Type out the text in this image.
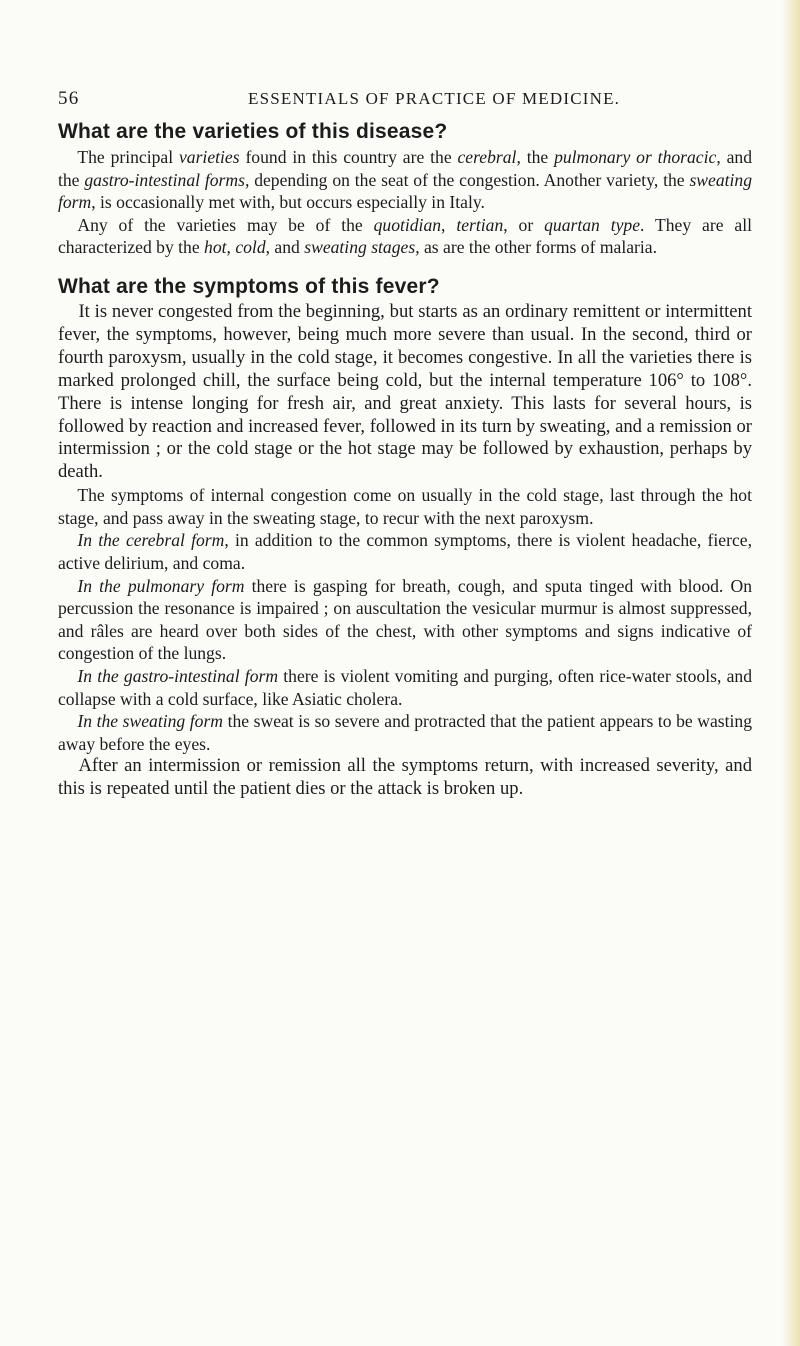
56	ESSENTIALS OF PRACTICE OF MEDICINE.
What are the varieties of this disease?

The principal varieties found in this country are the cerebral, the pulmonary or thoracic, and the gastro-intestinal forms, depending on the seat of the congestion. Another variety, the sweating form, is occasionally met with, but occurs especially in Italy.

Any of the varieties may be of the quotidian, tertian, or quartan type. They are all characterized by the hot, cold, and sweating stages, as are the other forms of malaria.

What are the symptoms of this fever?

It is never congested from the beginning, but starts as an ordinary remittent or intermittent fever, the symptoms, however, being much more severe than usual. In the second, third or fourth paroxysm, usually in the cold stage, it becomes congestive. In all the varieties there is marked prolonged chill, the surface being cold, but the internal temperature 106° to 108°. There is intense longing for fresh air, and great anxiety. This lasts for several hours, is followed by reaction and increased fever, followed in its turn by sweating, and a remission or intermission ; or the cold stage or the hot stage may be followed by exhaustion, perhaps by death.

The symptoms of internal congestion come on usually in the cold stage, last through the hot stage, and pass away in the sweating stage, to recur with the next paroxysm.

In the cerebral form, in addition to the common symptoms, there is violent headache, fierce, active delirium, and coma.

In the pulmonary form there is gasping for breath, cough, and sputa tinged with blood. On percussion the resonance is impaired ; on auscultation the vesicular murmur is almost suppressed, and râles are heard over both sides of the chest, with other symptoms and signs indicative of congestion of the lungs.

In the gastro-intestinal form there is violent vomiting and purging, often rice-water stools, and collapse with a cold surface, like Asiatic cholera.

In the sweating form the sweat is so severe and protracted that the patient appears to be wasting away before the eyes.

After an intermission or remission all the symptoms return, with increased severity, and this is repeated until the patient dies or the attack is broken up.
